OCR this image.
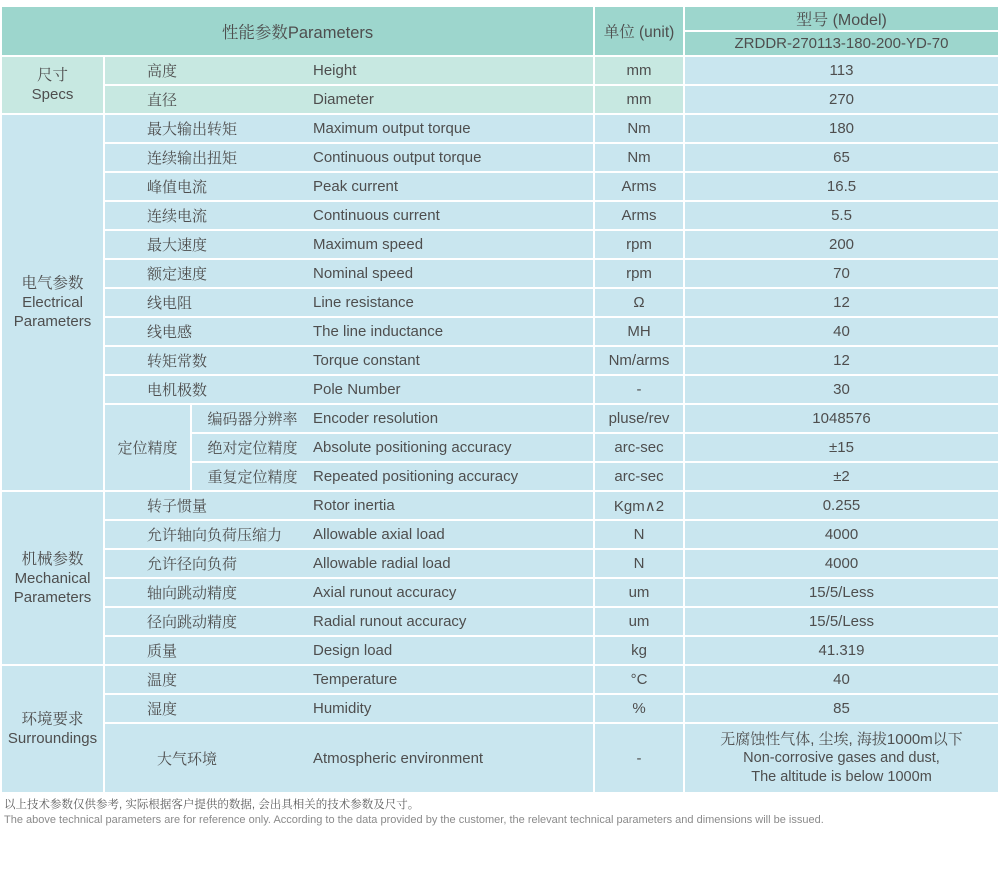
性能参数Parameters			单位 (unit)	型号 (Model)
				ZRDDR-270113-180-200-YD-70

尺寸
Specs	高度 Height		mm	113
	直径 Diameter		mm	270

电气参数
Electrical Parameters	最大输出转矩 Maximum output torque		Nm	180
	连续输出扭矩 Continuous output torque		Nm	65
	峰值电流 Peak current		Arms	16.5
	连续电流 Continuous current		Arms	5.5
	最大速度 Maximum speed		rpm	200
	额定速度 Nominal speed		rpm	70
	线电阻 Line resistance		Ω	12
	线电感 The line inductance		MH	40
	转矩常数 Torque constant		Nm/arms	12
	电机极数 Pole Number		-	30
	定位精度	编码器分辨率 Encoder resolution	pluse/rev	1048576
		绝对定位精度 Absolute positioning accuracy	arc-sec	±15
		重复定位精度 Repeated positioning accuracy	arc-sec	±2

机械参数
Mechanical Parameters	转子惯量 Rotor inertia		Kgm∧2	0.255
	允许轴向负荷压缩力 Allowable axial load		N	4000
	允许径向负荷 Allowable radial load		N	4000
	轴向跳动精度 Axial runout accuracy		um	15/5/Less
	径向跳动精度 Radial runout accuracy		um	15/5/Less
	质量 Design load		kg	41.319

环境要求
Surroundings	温度 Temperature		°C	40
	湿度 Humidity		%	85
	大气环境 Atmospheric environment		-	无腐蚀性气体, 尘埃, 海拔1000m以下
Non-corrosive gases and dust,
The altitude is below 1000m
以上技术参数仅供参考, 实际根据客户提供的数据, 会出具相关的技术参数及尺寸。
The above technical parameters are for reference only. According to the data provided by the customer, the relevant technical parameters and dimensions will be issued.
